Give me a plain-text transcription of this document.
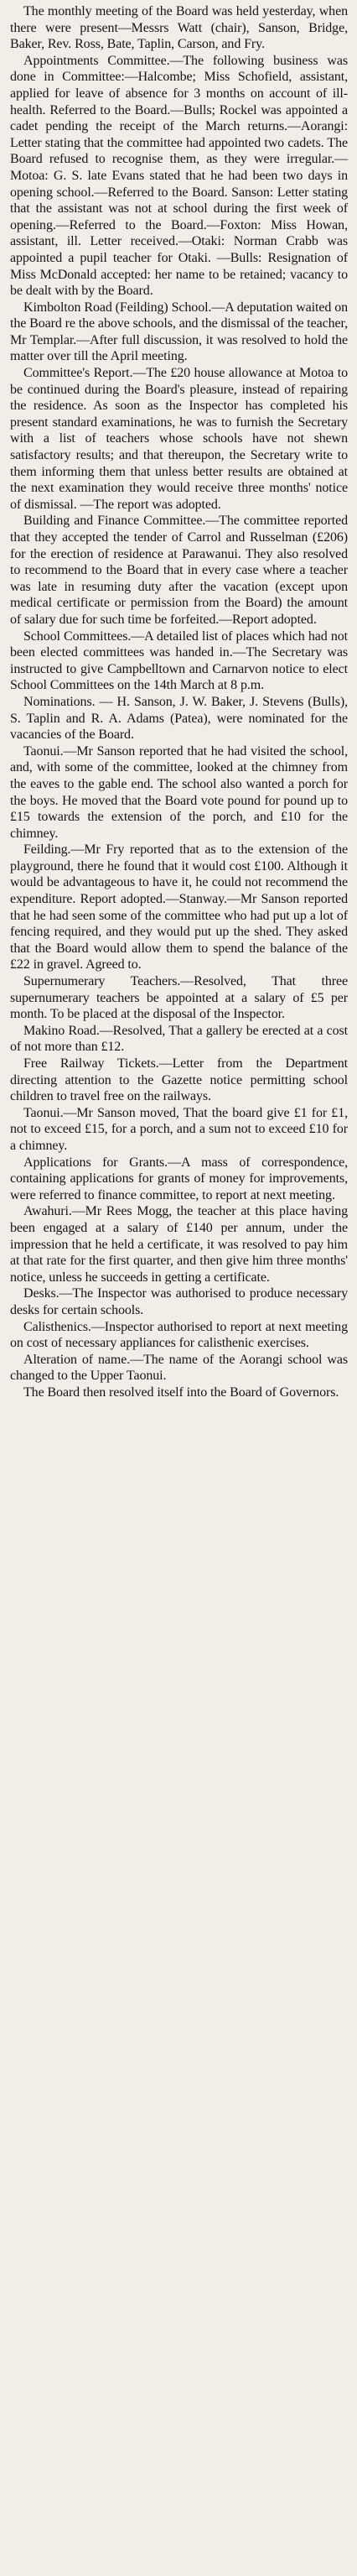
The monthly meeting of the Board was held yesterday, when there were present—Messrs Watt (chair), Sanson, Bridge, Baker, Rev. Ross, Bate, Taplin, Carson, and Fry.

Appointments Committee.—The following business was done in Committee:—Halcombe; Miss Schofield, assistant, applied for leave of absence for 3 months on account of ill-health. Referred to the Board.—Bulls; Rockel was appointed a cadet pending the receipt of the March returns.—Aorangi: Letter stating that the committee had appointed two cadets. The Board refused to recognise them, as they were irregular.—Motoa: G. S. late Evans stated that he had been two days in opening school.—Referred to the Board. Sanson: Letter stating that the assistant was not at school during the first week of opening.—Referred to the Board.—Foxton: Miss Howan, assistant, ill. Letter received.—Otaki: Norman Crabb was appointed a pupil teacher for Otaki. —Bulls: Resignation of Miss McDonald accepted: her name to be retained; vacancy to be dealt with by the Board.

Kimbolton Road (Feilding) School.—A deputation waited on the Board re the above schools, and the dismissal of the teacher, Mr Templar.—After full discussion, it was resolved to hold the matter over till the April meeting.

Committee's Report.—The £20 house allowance at Motoa to be continued during the Board's pleasure, instead of repairing the residence. As soon as the Inspector has completed his present standard examinations, he was to furnish the Secretary with a list of teachers whose schools have not shewn satisfactory results; and that thereupon, the Secretary write to them informing them that unless better results are obtained at the next examination they would receive three months' notice of dismissal. —The report was adopted.

Building and Finance Committee.—The committee reported that they accepted the tender of Carrol and Russelman (£206) for the erection of residence at Parawanui. They also resolved to recommend to the Board that in every case where a teacher was late in resuming duty after the vacation (except upon medical certificate or permission from the Board) the amount of salary due for such time be forfeited.—Report adopted.

School Committees.—A detailed list of places which had not been elected committees was handed in.—The Secretary was instructed to give Campbelltown and Carnarvon notice to elect School Committees on the 14th March at 8 p.m.

Nominations. — H. Sanson, J. W. Baker, J. Stevens (Bulls), S. Taplin and R. A. Adams (Patea), were nominated for the vacancies of the Board.

Taonui.—Mr Sanson reported that he had visited the school, and, with some of the committee, looked at the chimney from the eaves to the gable end. The school also wanted a porch for the boys. He moved that the Board vote pound for pound up to £15 towards the extension of the porch, and £10 for the chimney.

Feilding.—Mr Fry reported that as to the extension of the playground, there he found that it would cost £100. Although it would be advantageous to have it, he could not recommend the expenditure. Report adopted.—Stanway.—Mr Sanson reported that he had seen some of the committee who had put up a lot of fencing required, and they would put up the shed. They asked that the Board would allow them to spend the balance of the £22 in gravel. Agreed to.

Supernumerary Teachers.—Resolved, That three supernumerary teachers be appointed at a salary of £5 per month. To be placed at the disposal of the Inspector.

Makino Road.—Resolved, That a gallery be erected at a cost of not more than £12.

Free Railway Tickets.—Letter from the Department directing attention to the Gazette notice permitting school children to travel free on the railways.

Taonui.—Mr Sanson moved, That the board give £1 for £1, not to exceed £15, for a porch, and a sum not to exceed £10 for a chimney.

Applications for Grants.—A mass of correspondence, containing applications for grants of money for improvements, were referred to finance committee, to report at next meeting.

Awahuri.—Mr Rees Mogg, the teacher at this place having been engaged at a salary of £140 per annum, under the impression that he held a certificate, it was resolved to pay him at that rate for the first quarter, and then give him three months' notice, unless he succeeds in getting a certificate.

Desks.—The Inspector was authorised to produce necessary desks for certain schools.

Calisthenics.—Inspector authorised to report at next meeting on cost of necessary appliances for calisthenic exercises.

Alteration of name.—The name of the Aorangi school was changed to the Upper Taonui.

The Board then resolved itself into the Board of Governors.
